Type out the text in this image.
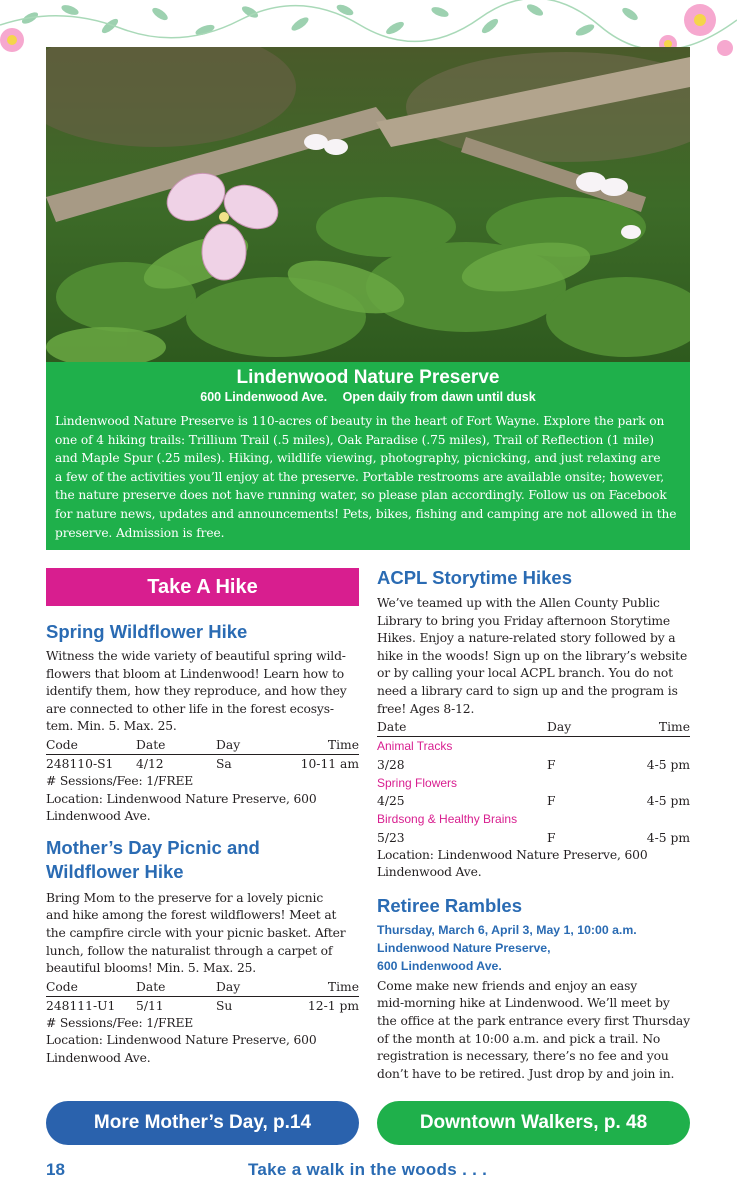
Lindenwood Nature Preserve
600 Lindenwood Ave. Open daily from dawn until dusk
Lindenwood Nature Preserve is 110-acres of beauty in the heart of Fort Wayne. Explore the park on
one of 4 hiking trails: Trillium Trail (.5 miles), Oak Paradise (.75 miles), Trail of Reflection (1 mile)
and Maple Spur (.25 miles). Hiking, wildlife viewing, photography, picnicking, and just relaxing are
a few of the activities you’ll enjoy at the preserve. Portable restrooms are available onsite; however,
the nature preserve does not have running water, so please plan accordingly. Follow us on Facebook
for nature news, updates and announcements! Pets, bikes, fishing and camping are not allowed in the
preserve. Admission is free.
Take A Hike
Spring Wildflower Hike
Witness the wide variety of beautiful spring wild-
flowers that bloom at Lindenwood! Learn how to
identify them, how they reproduce, and how they
are connected to other life in the forest ecosys-
tem. Min. 5. Max. 25.
Code	Date	Day	Time
248110-S1	4/12	Sa	10-11 am
# Sessions/Fee: 1/FREE
Location: Lindenwood Nature Preserve, 600
Lindenwood Ave.
Mother’s Day Picnic and
Wildflower Hike
Bring Mom to the preserve for a lovely picnic
and hike among the forest wildflowers! Meet at
the campfire circle with your picnic basket. After
lunch, follow the naturalist through a carpet of
beautiful blooms! Min. 5. Max. 25.
Code	Date	Day	Time
248111-U1	5/11	Su	12-1 pm
# Sessions/Fee: 1/FREE
Location: Lindenwood Nature Preserve, 600
Lindenwood Ave.
ACPL Storytime Hikes
We’ve teamed up with the Allen County Public
Library to bring you Friday afternoon Storytime
Hikes. Enjoy a nature-related story followed by a
hike in the woods! Sign up on the library’s website
or by calling your local ACPL branch. You do not
need a library card to sign up and the program is
free! Ages 8-12.
Date	Day	Time
Animal Tracks
3/28	F	4-5 pm
Spring Flowers
4/25	F	4-5 pm
Birdsong & Healthy Brains
5/23	F	4-5 pm
Location: Lindenwood Nature Preserve, 600
Lindenwood Ave.
Retiree Rambles
Thursday, March 6, April 3, May 1, 10:00 a.m.
Lindenwood Nature Preserve,
600 Lindenwood Ave.
Come make new friends and enjoy an easy
mid-morning hike at Lindenwood. We’ll meet by
the office at the park entrance every first Thursday
of the month at 10:00 a.m. and pick a trail. No
registration is necessary, there’s no fee and you
don’t have to be retired. Just drop by and join in.
More Mother’s Day, p.14	Downtown Walkers, p. 48
18	Take a walk in the woods . . .
